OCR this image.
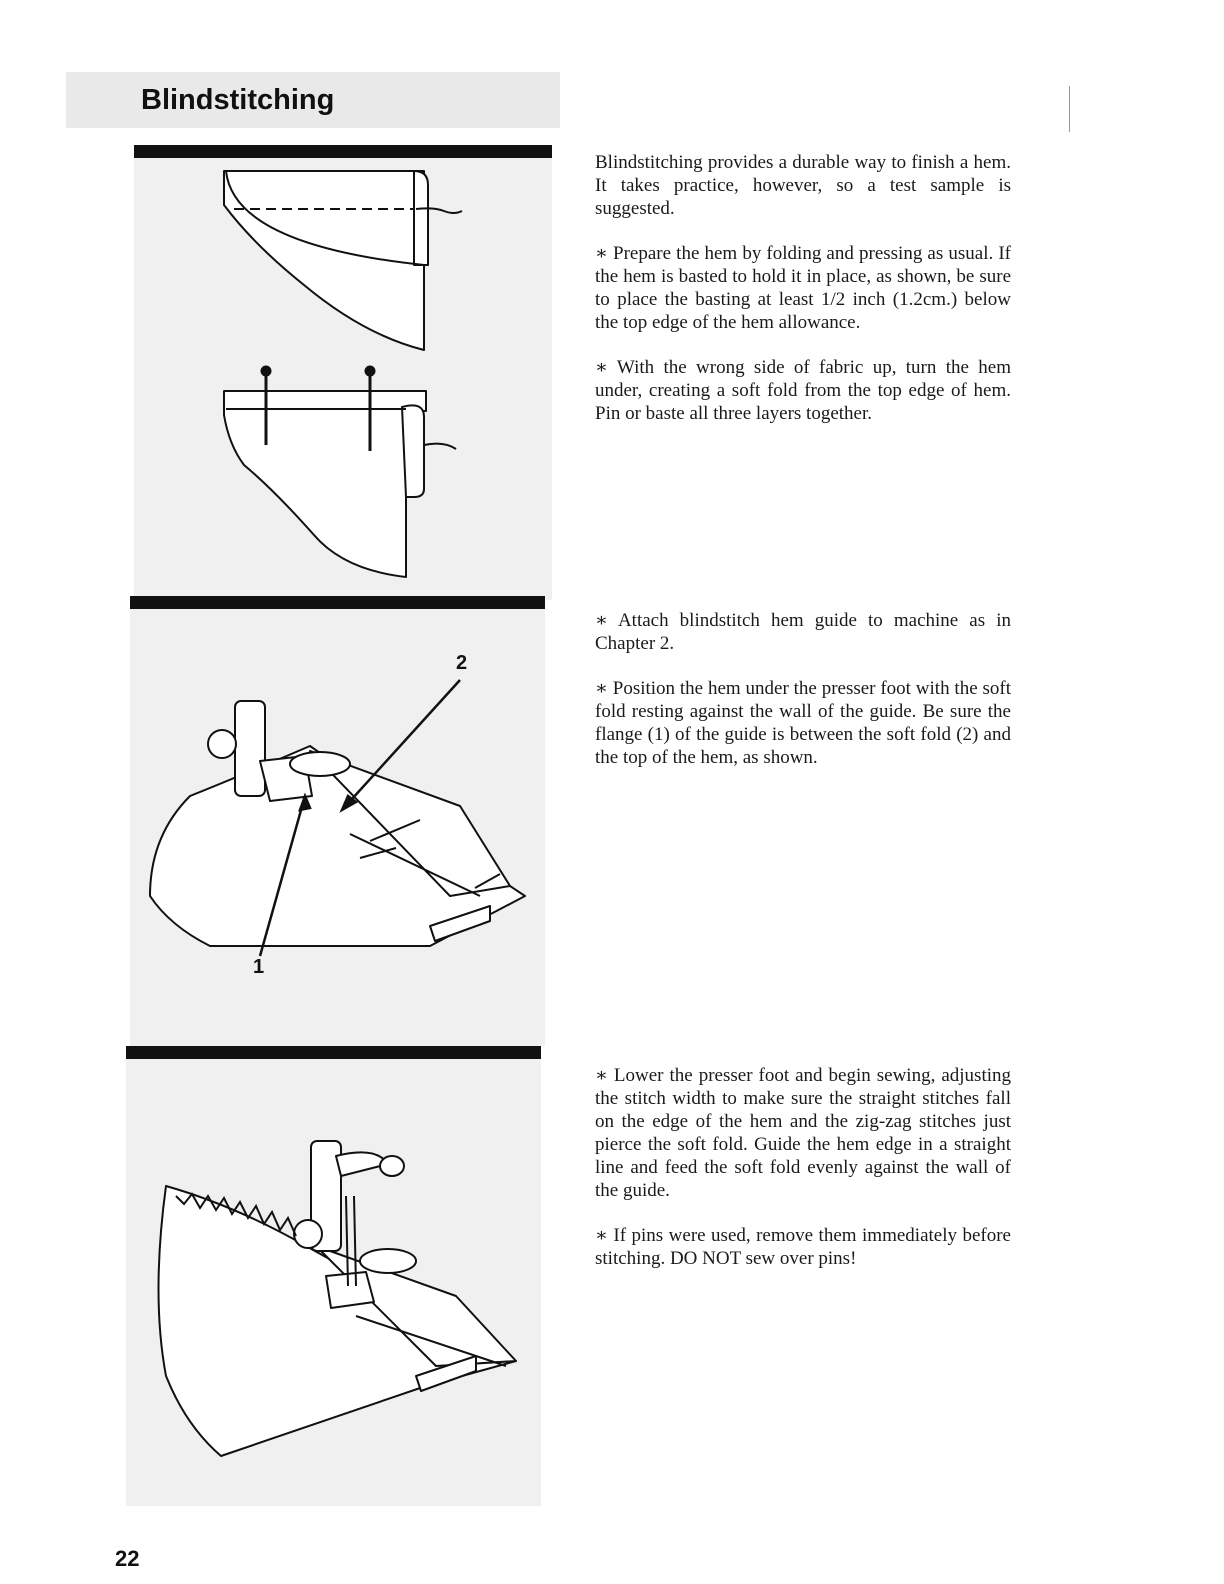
Blindstitching

2

1

Blindstitching provides a durable way to finish a hem. It takes practice, however, so a test sample is suggested.

∗ Prepare the hem by folding and pressing as usual. If the hem is basted to hold it in place, as shown, be sure to place the basting at least 1/2 inch (1.2cm.) below the top edge of the hem allowance.

∗ With the wrong side of fabric up, turn the hem under, creating a soft fold from the top edge of hem. Pin or baste all three layers together.

∗ Attach blindstitch hem guide to machine as in Chapter 2.

∗ Position the hem under the presser foot with the soft fold resting against the wall of the guide. Be sure the flange (1) of the guide is between the soft fold (2) and the top of the hem, as shown.

∗ Lower the presser foot and begin sewing, adjusting the stitch width to make sure the straight stitches fall on the edge of the hem and the zig-zag stitches just pierce the soft fold. Guide the hem edge in a straight line and feed the soft fold evenly against the wall of the guide.

∗ If pins were used, remove them immediately before stitching. DO NOT sew over pins!

22
